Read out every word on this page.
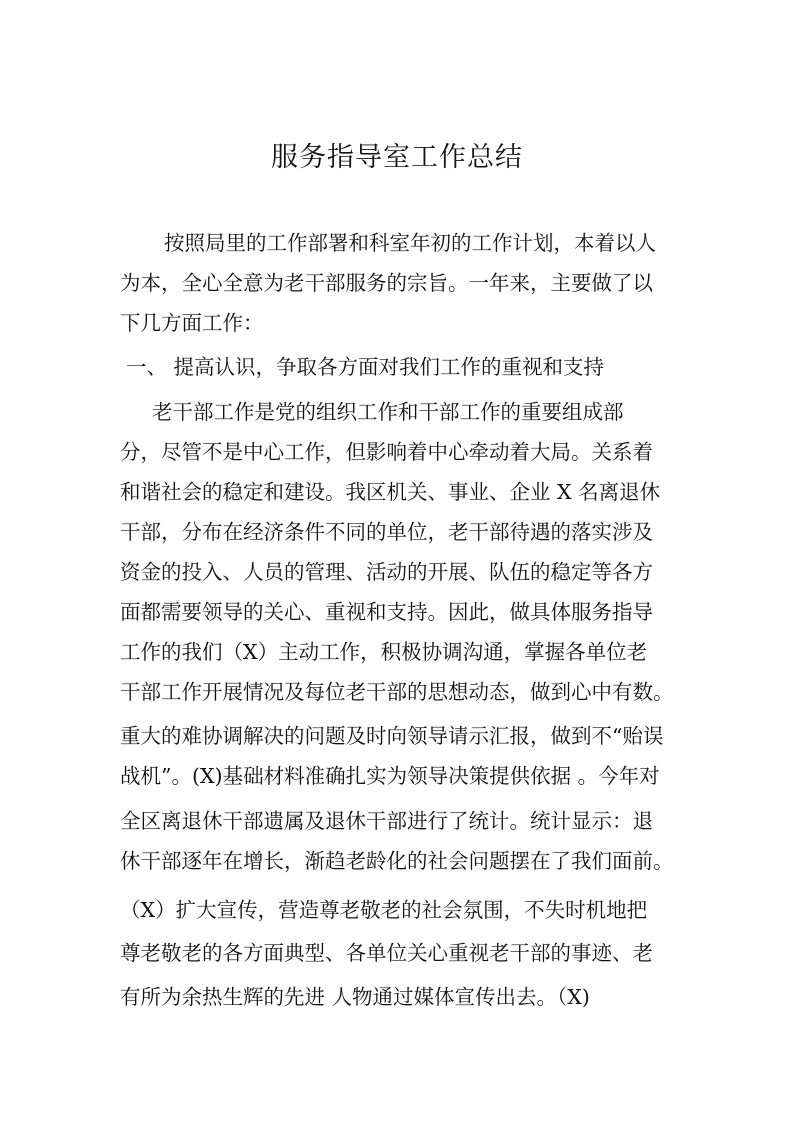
服务指导室工作总结

按照局里的工作部署和科室年初的工作计划，本着以人

为本，全心全意为老干部服务的宗旨。一年来，主要做了以

下几方面工作：

一、 提高认识，争取各方面对我们工作的重视和支持

老干部工作是党的组织工作和干部工作的重要组成部

分，尽管不是中心工作，但影响着中心牵动着大局。关系着

和谐社会的稳定和建设。我区机关、事业、企业 X 名离退休

干部，分布在经济条件不同的单位，老干部待遇的落实涉及

资金的投入、人员的管理、活动的开展、队伍的稳定等各方

面都需要领导的关心、重视和支持。因此，做具体服务指导

工作的我们（X）主动工作，积极协调沟通，掌握各单位老

干部工作开展情况及每位老干部的思想动态，做到心中有数。

重大的难协调解决的问题及时向领导请示汇报，做到不“贻误

战机”。(X)基础材料准确扎实为领导决策提供依据 。今年对

全区离退休干部遗属及退休干部进行了统计。统计显示：退

休干部逐年在增长，渐趋老龄化的社会问题摆在了我们面前。

（X）扩大宣传，营造尊老敬老的社会氛围，不失时机地把

尊老敬老的各方面典型、各单位关心重视老干部的事迹、老

有所为余热生辉的先进 人物通过媒体宣传出去。（X)
